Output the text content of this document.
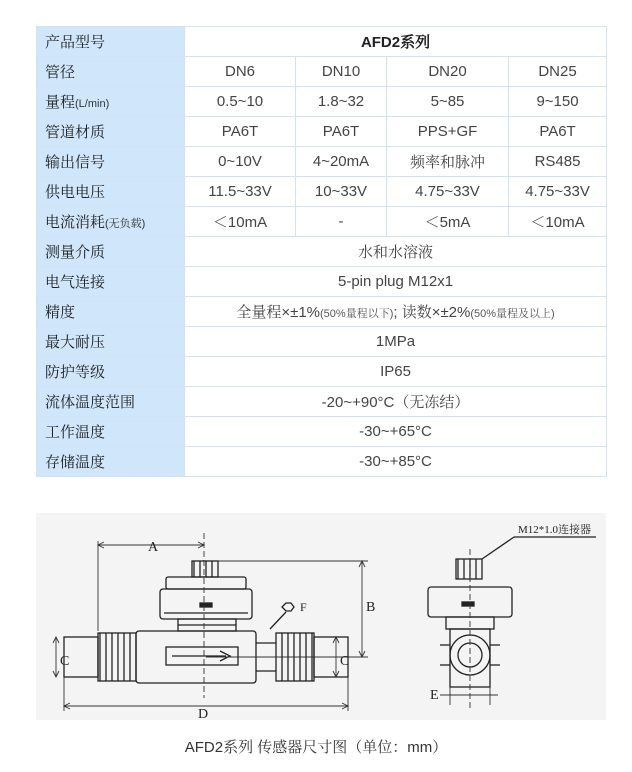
产品型号	AFD2系列			
管径	DN6	DN10	DN20	DN25
量程(L/min)	0.5~10	1.8~32	5~85	9~150
管道材质	PA6T	PA6T	PPS+GF	PA6T
输出信号	0~10V	4~20mA	频率和脉冲	RS485
供电电压	11.5~33V	10~33V	4.75~33V	4.75~33V
电流消耗(无负载)	＜10mA	-	＜5mA	＜10mA
测量介质	水和水溶液			
电气连接	5-pin plug M12x1			
精度	全量程×±1%(50%量程以下); 读数×±2%(50%量程及以上)			
最大耐压	1MPa			
防护等级	IP65			
流体温度范围	-20~+90°C（无冻结）			
工作温度	-30~+65°C			
存储温度	-30~+85°C			
A
B
C	C
D
E
F
M12*1.0连接器
AFD2系列 传感器尺寸图（单位：mm）
